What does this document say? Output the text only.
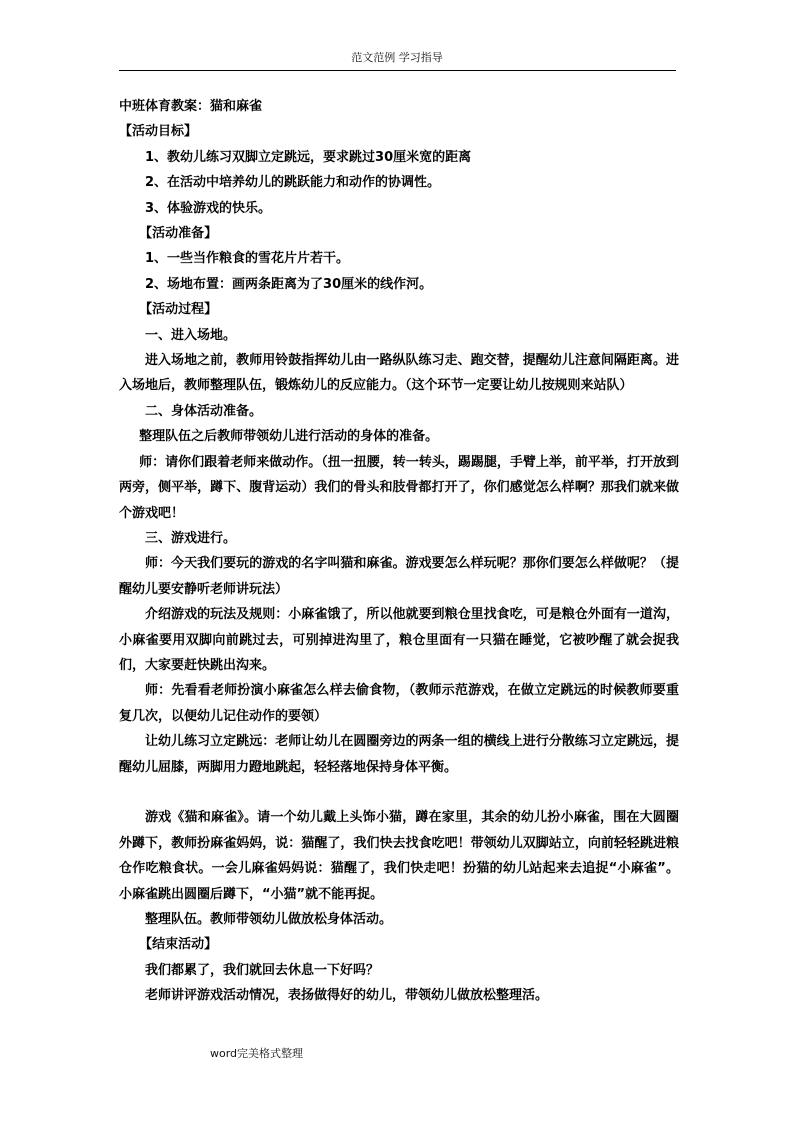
范文范例 学习指导

中班体育教案：猫和麻雀

【活动目标】

1、教幼儿练习双脚立定跳远，要求跳过30厘米宽的距离

2、在活动中培养幼儿的跳跃能力和动作的协调性。

3、体验游戏的快乐。

【活动准备】

1、一些当作粮食的雪花片片若干。

2、场地布置：画两条距离为了30厘米的线作河。

【活动过程】

一、进入场地。

进入场地之前，教师用铃鼓指挥幼儿由一路纵队练习走、跑交替，提醒幼儿注意间隔距离。进入场地后，教师整理队伍，锻炼幼儿的反应能力。（这个环节一定要让幼儿按规则来站队）

二、身体活动准备。

整理队伍之后教师带领幼儿进行活动的身体的准备。

师：请你们跟着老师来做动作。（扭一扭腰，转一转头，踢踢腿，手臂上举，前平举，打开放到两旁，侧平举，蹲下、腹背运动）我们的骨头和肢骨都打开了，你们感觉怎么样啊？那我们就来做个游戏吧！

三、游戏进行。

师：今天我们要玩的游戏的名字叫猫和麻雀。游戏要怎么样玩呢？那你们要怎么样做呢？（提醒幼儿要安静听老师讲玩法）

介绍游戏的玩法及规则：小麻雀饿了，所以他就要到粮仓里找食吃，可是粮仓外面有一道沟，小麻雀要用双脚向前跳过去，可别掉进沟里了，粮仓里面有一只猫在睡觉，它被吵醒了就会捉我们，大家要赶快跳出沟来。

师：先看看老师扮演小麻雀怎么样去偷食物，（教师示范游戏，在做立定跳远的时候教师要重复几次，以便幼儿记住动作的要领）

让幼儿练习立定跳远：老师让幼儿在圆圈旁边的两条一组的横线上进行分散练习立定跳远，提醒幼儿屈膝，两脚用力蹬地跳起，轻轻落地保持身体平衡。

游戏《猫和麻雀》。请一个幼儿戴上头饰小猫，蹲在家里，其余的幼儿扮小麻雀，围在大圆圈外蹲下，教师扮麻雀妈妈，说：猫醒了，我们快去找食吃吧！带领幼儿双脚站立，向前轻轻跳进粮仓作吃粮食状。一会儿麻雀妈妈说：猫醒了，我们快走吧！扮猫的幼儿站起来去追捉“小麻雀”。小麻雀跳出圆圈后蹲下，“小猫”就不能再捉。

整理队伍。教师带领幼儿做放松身体活动。

【结束活动】

我们都累了，我们就回去休息一下好吗？

老师讲评游戏活动情况，表扬做得好的幼儿，带领幼儿做放松整理活。

word完美格式整理
